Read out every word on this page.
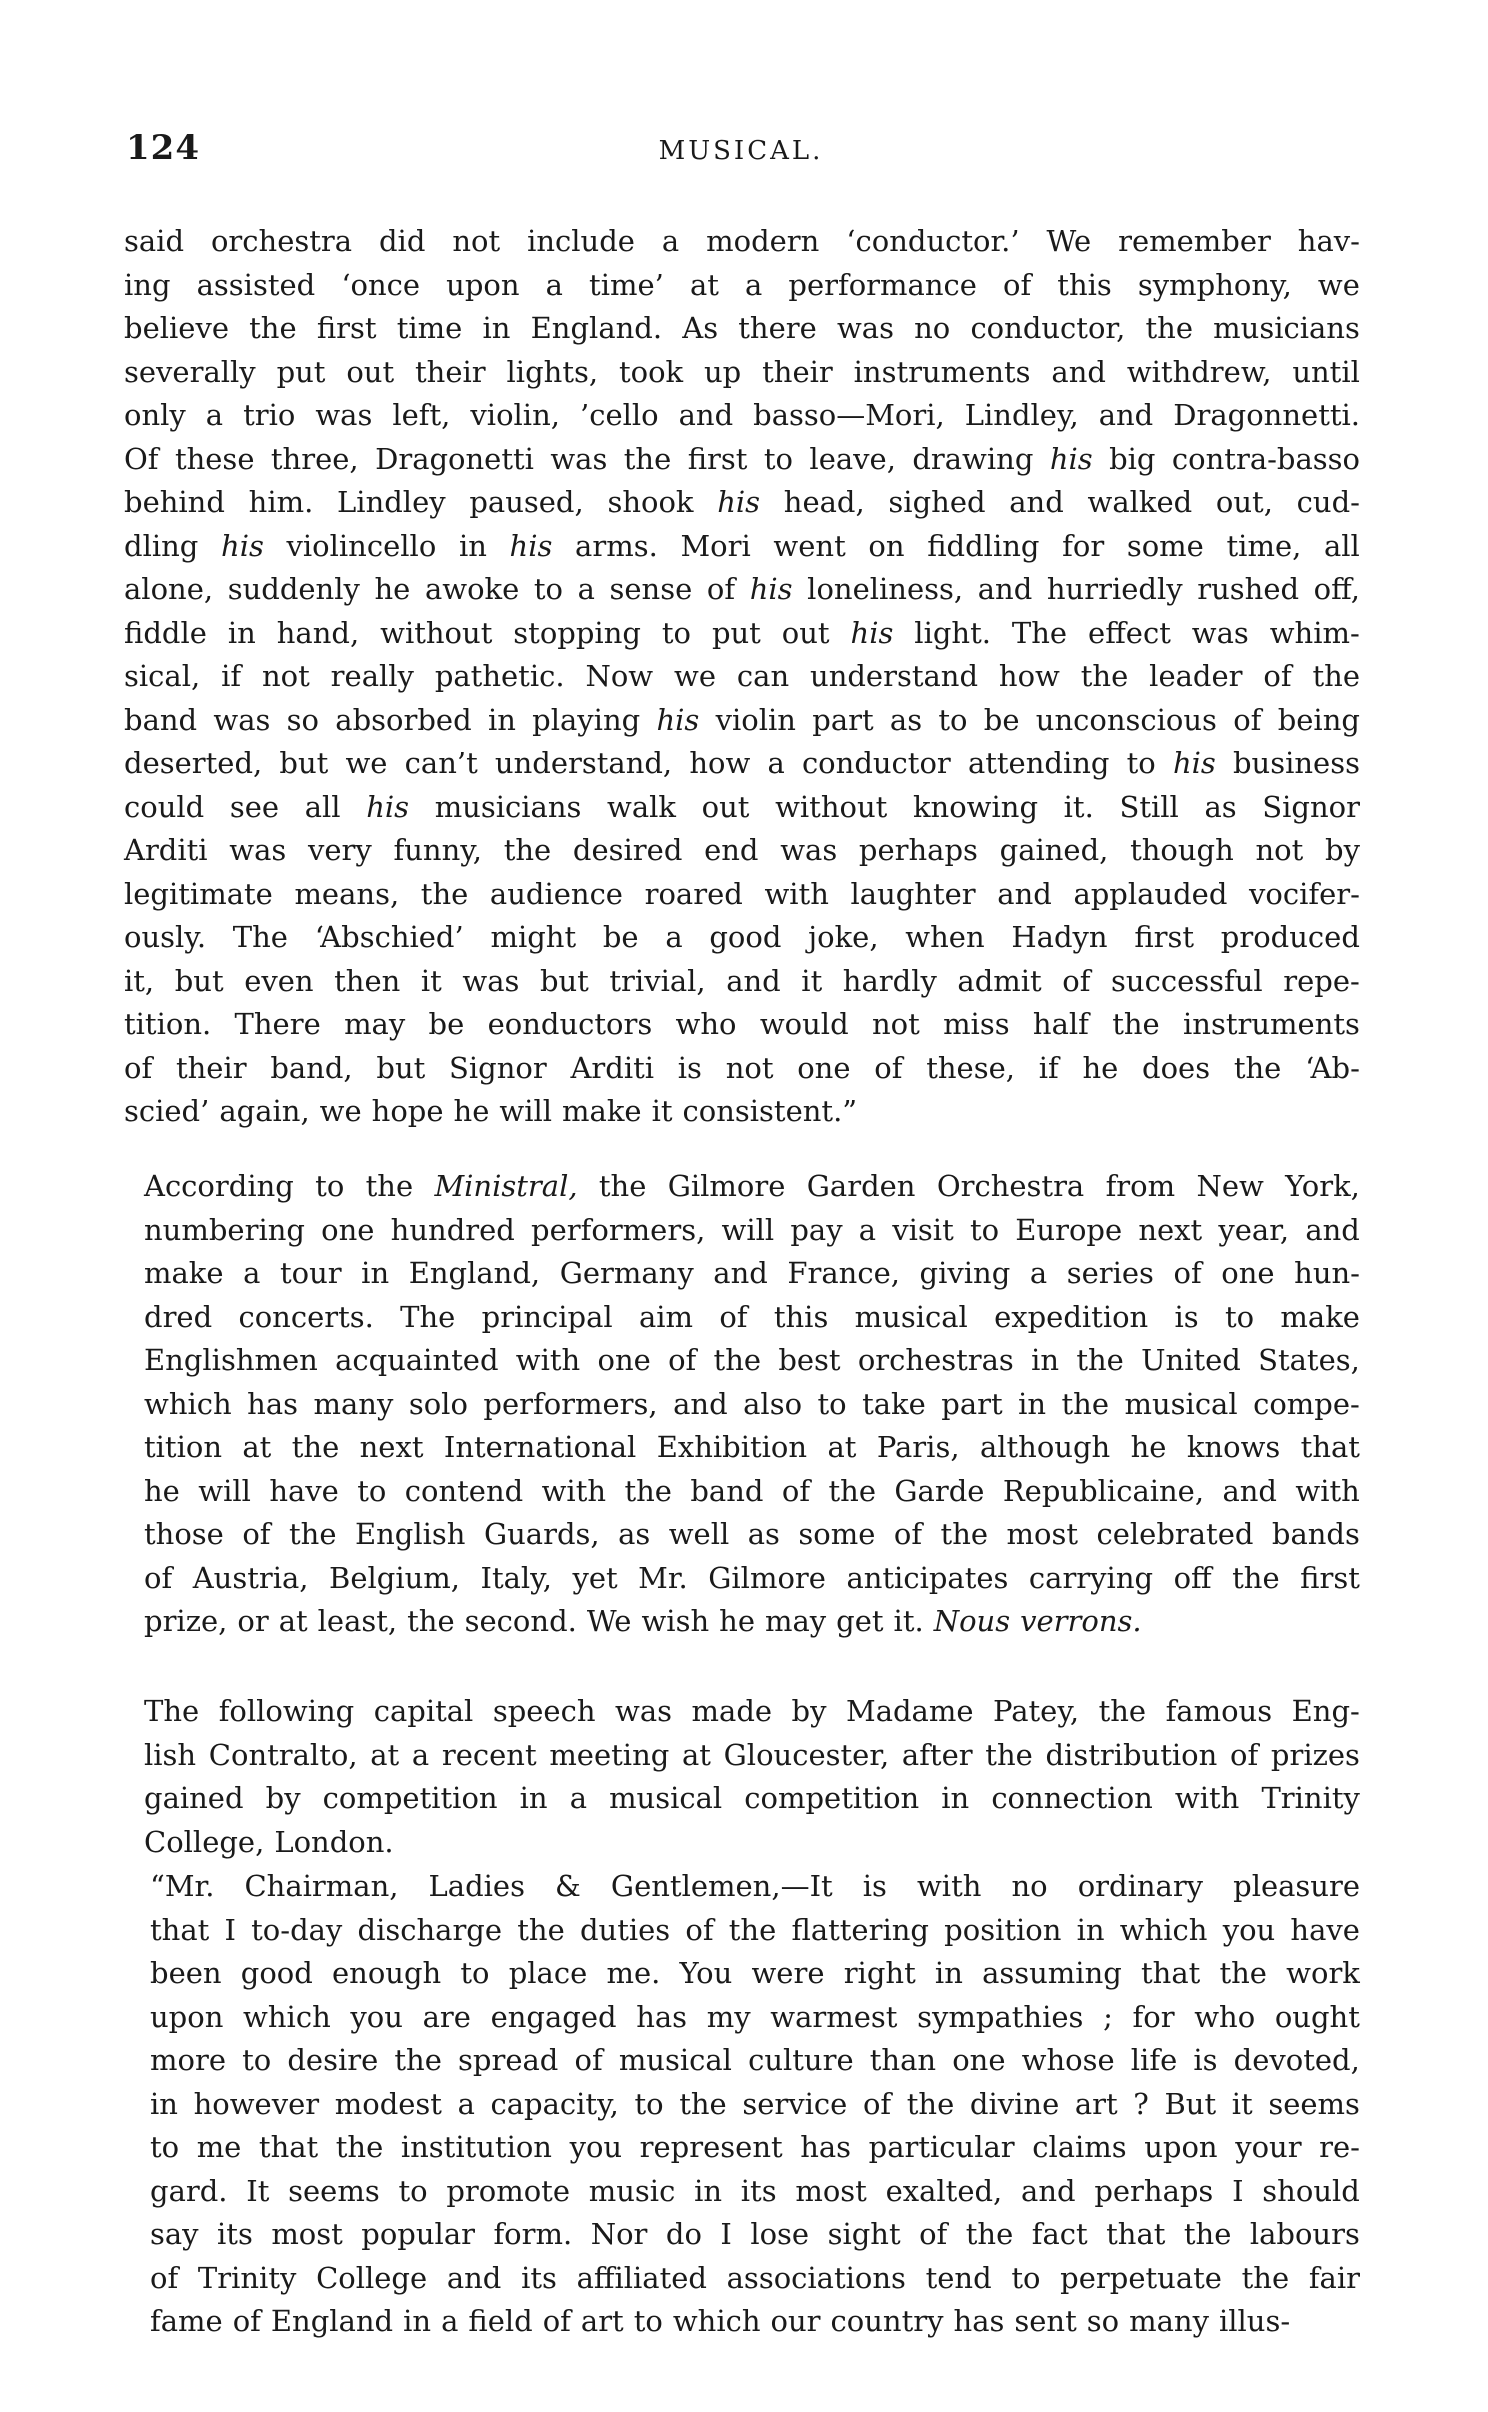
124	MUSICAL.
said orchestra did not include a modern ‘conductor.’ We remember hav-
ing assisted ‘once upon a time’ at a performance of this symphony, we
believe the first time in England. As there was no conductor, the musicians
severally put out their lights, took up their instruments and withdrew, until
only a trio was left, violin, ’cello and basso—Mori, Lindley, and Dragonnetti.
Of these three, Dragonetti was the first to leave, drawing his big contra-basso
behind him. Lindley paused, shook his head, sighed and walked out, cud-
dling his violincello in his arms. Mori went on fiddling for some time, all
alone, suddenly he awoke to a sense of his loneliness, and hurriedly rushed off,
fiddle in hand, without stopping to put out his light. The effect was whim-
sical, if not really pathetic. Now we can understand how the leader of the
band was so absorbed in playing his violin part as to be unconscious of being
deserted, but we can’t understand, how a conductor attending to his business
could see all his musicians walk out without knowing it. Still as Signor
Arditi was very funny, the desired end was perhaps gained, though not by
legitimate means, the audience roared with laughter and applauded vocifer-
ously. The ‘Abschied’ might be a good joke, when Hadyn first produced
it, but even then it was but trivial, and it hardly admit of successful repe-
tition. There may be eonductors who would not miss half the instruments
of their band, but Signor Arditi is not one of these, if he does the ‘Ab-
scied’ again, we hope he will make it consistent.”
According to the Ministral, the Gilmore Garden Orchestra from New York,
numbering one hundred performers, will pay a visit to Europe next year, and
make a tour in England, Germany and France, giving a series of one hun-
dred concerts. The principal aim of this musical expedition is to make
Englishmen acquainted with one of the best orchestras in the United States,
which has many solo performers, and also to take part in the musical compe-
tition at the next International Exhibition at Paris, although he knows that
he will have to contend with the band of the Garde Republicaine, and with
those of the English Guards, as well as some of the most celebrated bands
of Austria, Belgium, Italy, yet Mr. Gilmore anticipates carrying off the first
prize, or at least, the second. We wish he may get it. Nous verrons.
The following capital speech was made by Madame Patey, the famous Eng-
lish Contralto, at a recent meeting at Gloucester, after the distribution of prizes
gained by competition in a musical competition in connection with Trinity
College, London.
“Mr. Chairman, Ladies & Gentlemen,—It is with no ordinary pleasure
that I to-day discharge the duties of the flattering position in which you have
been good enough to place me. You were right in assuming that the work
upon which you are engaged has my warmest sympathies ; for who ought
more to desire the spread of musical culture than one whose life is devoted,
in however modest a capacity, to the service of the divine art ? But it seems
to me that the institution you represent has particular claims upon your re-
gard. It seems to promote music in its most exalted, and perhaps I should
say its most popular form. Nor do I lose sight of the fact that the labours
of Trinity College and its affiliated associations tend to perpetuate the fair
fame of England in a field of art to which our country has sent so many illus-
